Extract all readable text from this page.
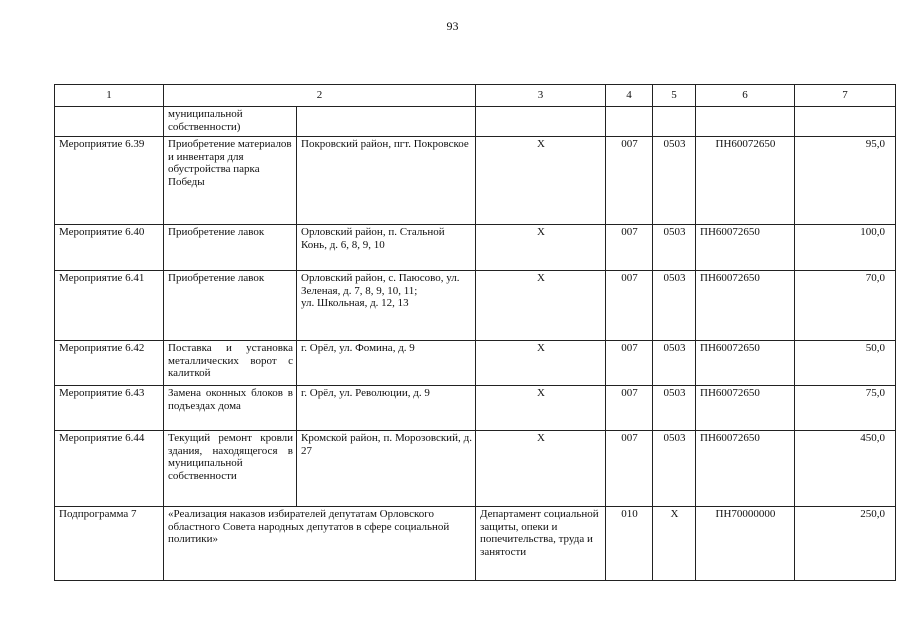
93
1	2		3	4	5	6	7
	муниципальной собственности)						
Мероприятие 6.39	Приобретение материалов и инвентаря для обустройства парка Победы	Покровский район, пгт. Покровское	Х	007	0503	ПН60072650	95,0
Мероприятие 6.40	Приобретение лавок	Орловский район, п. Стальной Конь, д. 6, 8, 9, 10	Х	007	0503	ПН60072650	100,0
Мероприятие 6.41	Приобретение лавок	Орловский район, с. Паюсово, ул. Зеленая, д. 7, 8, 9, 10, 11;
ул. Школьная, д. 12, 13	Х	007	0503	ПН60072650	70,0
Мероприятие 6.42	Поставка и установка металлических ворот с калиткой	г. Орёл, ул. Фомина, д. 9	Х	007	0503	ПН60072650	50,0
Мероприятие 6.43	Замена оконных блоков в подъездах дома	г. Орёл, ул. Революции, д. 9	Х	007	0503	ПН60072650	75,0
Мероприятие 6.44	Текущий ремонт кровли здания, находящегося в муниципальной собственности	Кромской район, п. Морозовский, д. 27	Х	007	0503	ПН60072650	450,0
Подпрограмма 7	«Реализация наказов избирателей депутатам Орловского областного Совета народных депутатов в сфере социальной политики»		Департамент социальной защиты, опеки и попечительства, труда и занятости	010	Х	ПН70000000	250,0
